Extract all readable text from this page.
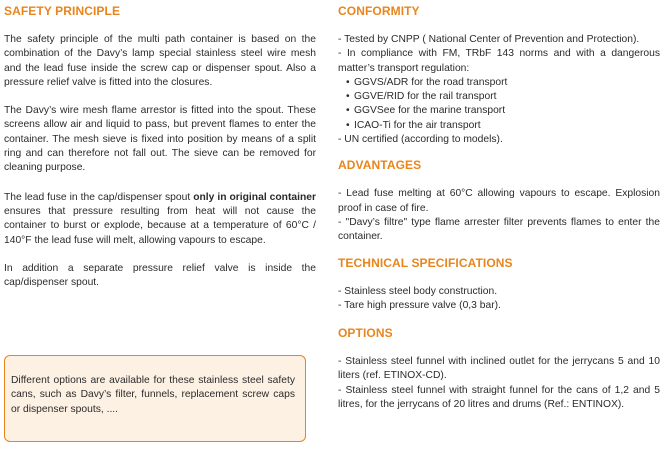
SAFETY PRINCIPLE

The safety principle of the multi path container is based on the combination of the Davy’s lamp special stainless steel wire mesh and the lead fuse inside the screw cap or dispenser spout. Also a pressure relief valve is fitted into the closures.

The Davy’s wire mesh flame arrestor is fitted into the spout. These screens allow air and liquid to pass, but prevent flames to enter the container. The mesh sieve is fixed into position by means of a split ring and can therefore not fall out. The sieve can be removed for cleaning purpose.

The lead fuse in the cap/dispenser spout only in original container ensures that pressure resulting from heat will not cause the container to burst or explode, because at a temperature of 60°C / 140°F the lead fuse will melt, allowing vapours to escape.

In addition a separate pressure relief valve is inside the cap/dispenser spout.

Different options are available for these stainless steel safety cans, such as Davy’s filter, funnels, replacement screw caps or dispenser spouts, ....

CONFORMITY

- Tested by CNPP ( National Center of Prevention and Protection).

- In compliance with FM, TRbF 143 norms and with a dangerous matter’s transport regulation:

• GGVS/ADR for the road transport
• GGVE/RID for the rail transport
• GGVSee for the marine transport
• ICAO-Ti for the air transport

- UN certified (according to models).

ADVANTAGES

- Lead fuse melting at 60°C allowing vapours to escape. Explosion proof in case of fire.

- "Davy’s filtre" type flame arrester filter prevents flames to enter the container.

TECHNICAL SPECIFICATIONS

- Stainless steel body construction.

- Tare high pressure valve (0,3 bar).

OPTIONS

- Stainless steel funnel with inclined outlet for the jerrycans 5 and 10 liters (ref. ETINOX-CD).

- Stainless steel funnel with straight funnel for the cans of 1,2 and 5 litres, for the jerrycans of 20 litres and drums (Ref.: ENTINOX).
